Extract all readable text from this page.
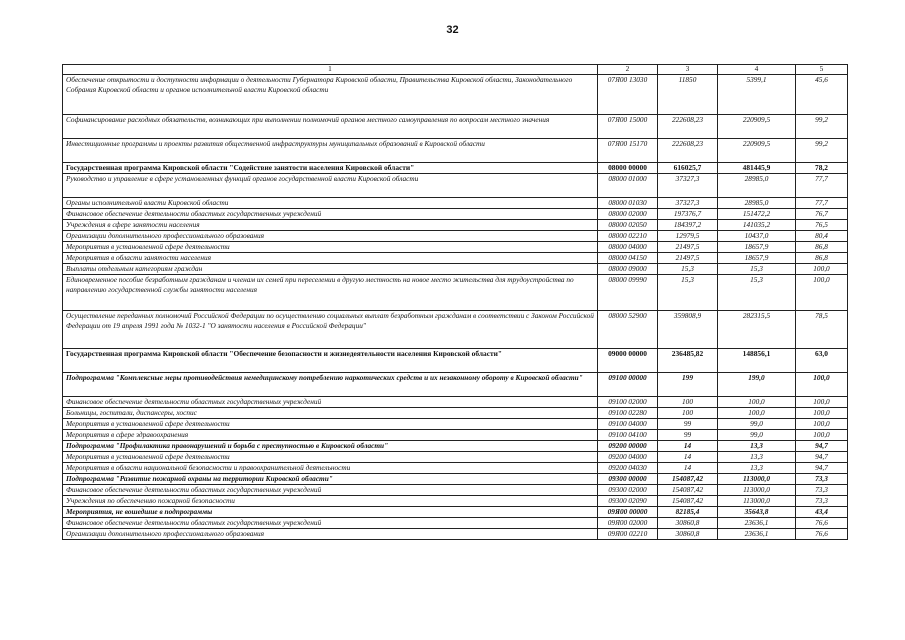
32
1	2	3	4	5
Обеспечение открытости и доступности информации о деятельности Губернатора Кировской области, Правительства Кировской области, Законодательного Собрания Кировской области и органов исполнительной власти Кировской области	07Я00 13030	11850	5399,1	45,6
Софинансирование расходных обязательств, возникающих при выполнении полномочий органов местного самоуправления по вопросам местного значения	07Я00 15000	222608,23	220909,5	99,2
Инвестиционные программы и проекты развития общественной инфраструктуры муниципальных образований в Кировской области	07Я00 15170	222608,23	220909,5	99,2
Государственная программа Кировской области "Содействие занятости населения Кировской области"	08000 00000	616025,7	481445,9	78,2
Руководство и управление в сфере установленных функций органов государственной власти Кировской области	08000 01000	37327,3	28985,0	77,7
Органы исполнительной власти Кировской области	08000 01030	37327,3	28985,0	77,7
Финансовое обеспечение деятельности областных государственных учреждений	08000 02000	197376,7	151472,2	76,7
Учреждения в сфере занятости населения	08000 02050	184397,2	141035,2	76,5
Организации дополнительного профессионального образования	08000 02210	12979,5	10437,0	80,4
Мероприятия в установленной сфере деятельности	08000 04000	21497,5	18657,9	86,8
Мероприятия в области занятости населения	08000 04150	21497,5	18657,9	86,8
Выплаты отдельным категориям граждан	08000 09000	15,3	15,3	100,0
Единовременное пособие безработным гражданам и членам их семей при переселении в другую местность на новое место жительства для трудоустройства по направлению государственной службы занятости населения	08000 09990	15,3	15,3	100,0
Осуществление переданных полномочий Российской Федерации по осуществлению социальных выплат безработным гражданам в соответствии с Законом Российской Федерации от 19 апреля 1991 года № 1032-1 "О занятости населения в Российской Федерации"	08000 52900	359808,9	282315,5	78,5
Государственная программа Кировской области "Обеспечение безопасности и жизнедеятельности населения Кировской области"	09000 00000	236485,82	148856,1	63,0
Подпрограмма "Комплексные меры противодействия немедицинскому потреблению наркотических средств и их незаконному обороту в Кировской области"	09100 00000	199	199,0	100,0
Финансовое обеспечение деятельности областных государственных учреждений	09100 02000	100	100,0	100,0
Больницы, госпитали, диспансеры, хоспис	09100 02280	100	100,0	100,0
Мероприятия в установленной сфере деятельности	09100 04000	99	99,0	100,0
Мероприятия в сфере здравоохранения	09100 04100	99	99,0	100,0
Подпрограмма "Профилактика правонарушений и борьба с преступностью в Кировской области"	09200 00000	14	13,3	94,7
Мероприятия в установленной сфере деятельности	09200 04000	14	13,3	94,7
Мероприятия в области национальной безопасности и правоохранительной деятельности	09200 04030	14	13,3	94,7
Подпрограмма "Развитие пожарной охраны на территории Кировской области"	09300 00000	154087,42	113000,0	73,3
Финансовое обеспечение деятельности областных государственных учреждений	09300 02000	154087,42	113000,0	73,3
Учреждения по обеспечению пожарной безопасности	09300 02090	154087,42	113000,0	73,3
Мероприятия, не вошедшие в подпрограммы	09Я00 00000	82185,4	35643,8	43,4
Финансовое обеспечение деятельности областных государственных учреждений	09Я00 02000	30860,8	23636,1	76,6
Организации дополнительного профессионального образования	09Я00 02210	30860,8	23636,1	76,6
